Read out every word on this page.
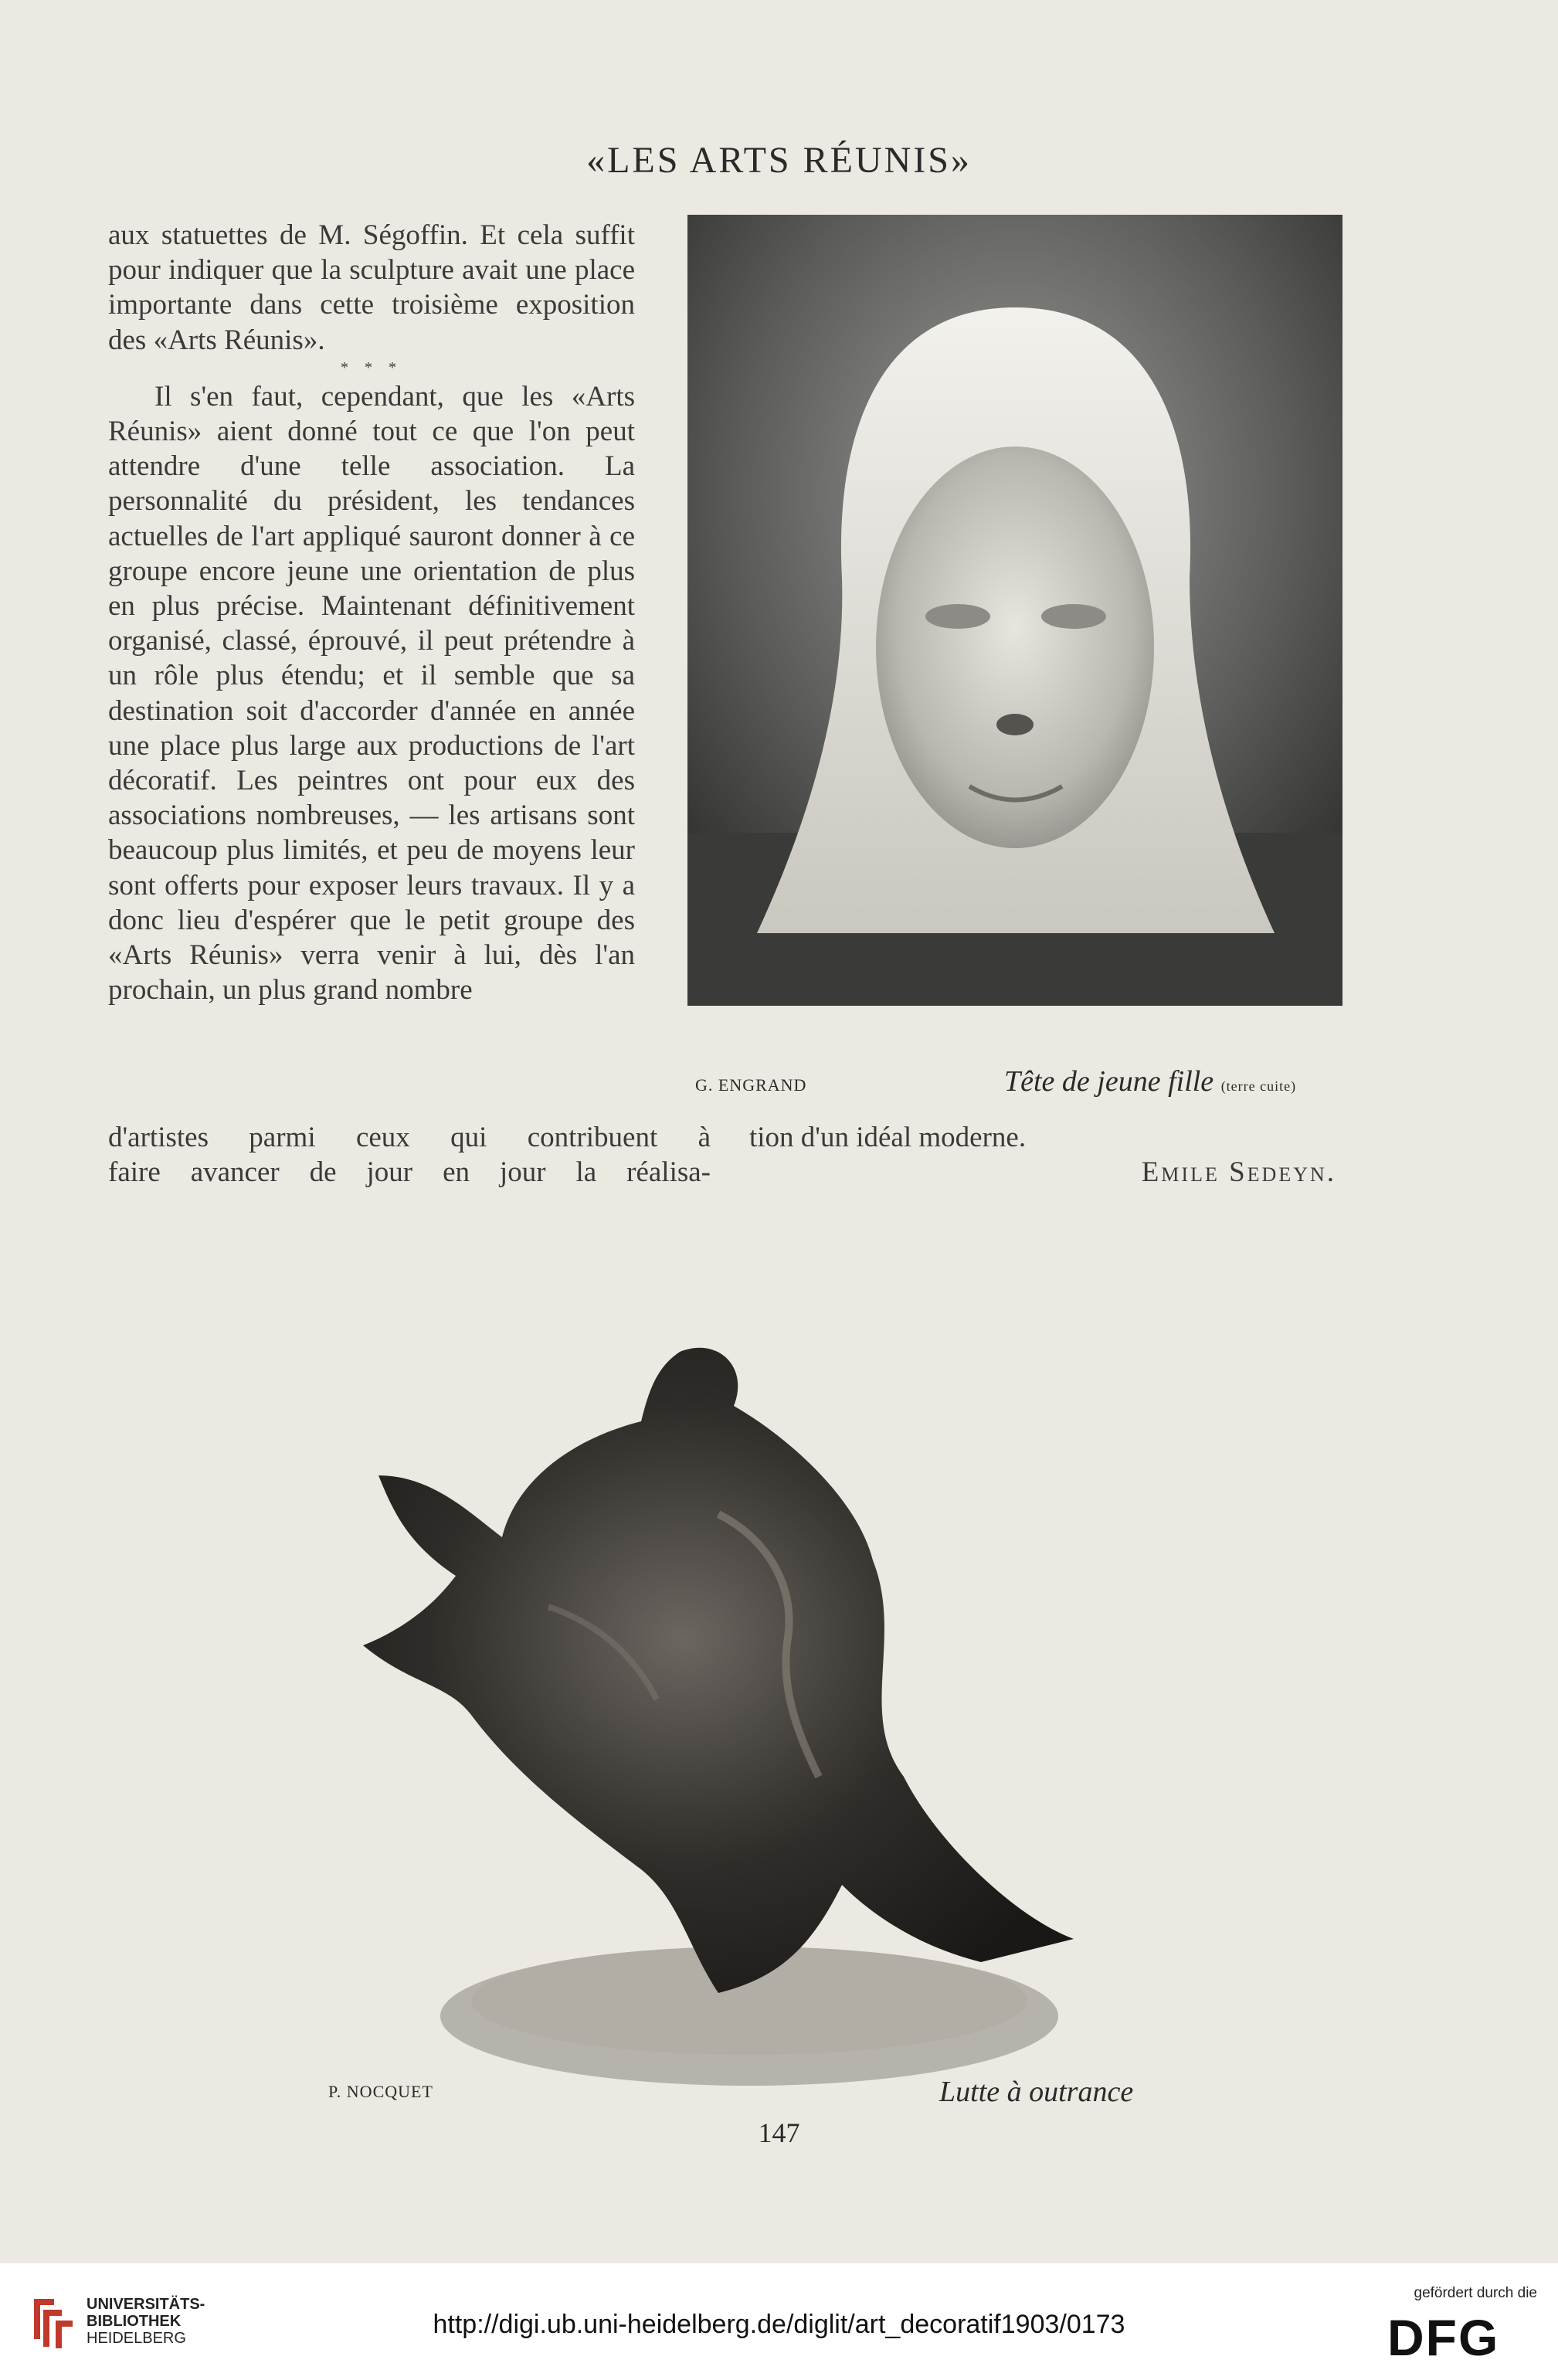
«LES ARTS RÉUNIS»

aux statuettes de M. Ségoffin. Et cela suffit pour indiquer que la sculpture avait une place importante dans cette troisième exposition des «Arts Réunis».

* * *

Il s'en faut, cependant, que les «Arts Réunis» aient donné tout ce que l'on peut attendre d'une telle association. La personnalité du président, les tendances actuelles de l'art appliqué sauront donner à ce groupe encore jeune une orientation de plus en plus précise. Maintenant définitivement organisé, classé, éprouvé, il peut prétendre à un rôle plus étendu; et il semble que sa destination soit d'accorder d'année en année une place plus large aux productions de l'art décoratif. Les peintres ont pour eux des associations nombreuses, — les artisans sont beaucoup plus limités, et peu de moyens leur sont offerts pour exposer leurs travaux. Il y a donc lieu d'espérer que le petit groupe des «Arts Réunis» verra venir à lui, dès l'an prochain, un plus grand nombre

G. ENGRAND	Tête de jeune fille (terre cuite)
d'artistes parmi ceux qui contribuent à tion d'un idéal moderne.
faire avancer de jour en jour la réalisa-	Emile Sedeyn.
P. NOCQUET	Lutte à outrance
147
UNIVERSITÄTS-
BIBLIOTHEK
HEIDELBERG	http://digi.ub.uni-heidelberg.de/diglit/art_decoratif1903/0173
gefördert durch die
DFG
